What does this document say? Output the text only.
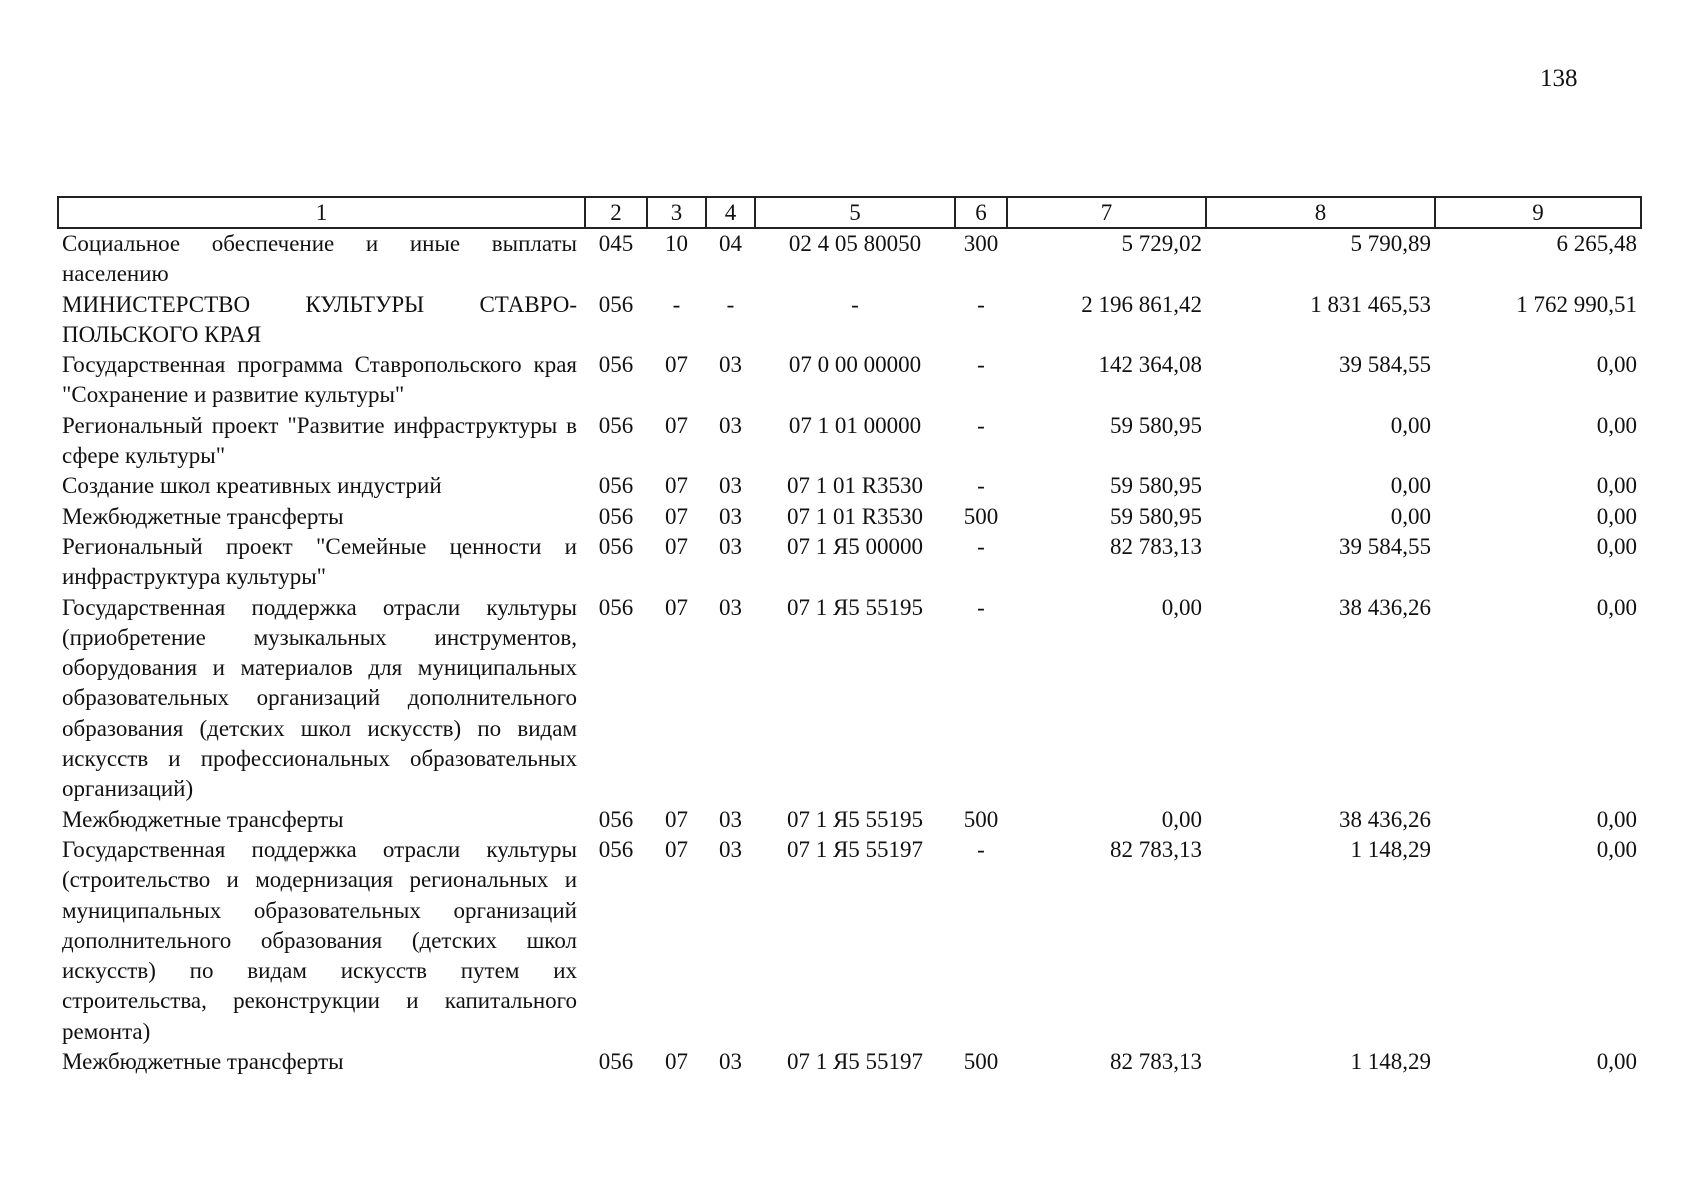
138
1	2	3	4	5	6	7	8	9
Социальное обеспечение и иные выплаты населению	045	10	04	02 4 05 80050	300	5 729,02	5 790,89	6 265,48
МИНИСТЕРСТВО КУЛЬТУРЫ СТАВРО-ПОЛЬСКОГО КРАЯ	056	-	-	-	-	2 196 861,42	1 831 465,53	1 762 990,51
Государственная программа Ставропольского края "Сохранение и развитие культуры"	056	07	03	07 0 00 00000	-	142 364,08	39 584,55	0,00
Региональный проект "Развитие инфраструктуры в сфере культуры"	056	07	03	07 1 01 00000	-	59 580,95	0,00	0,00
Создание школ креативных индустрий	056	07	03	07 1 01 R3530	-	59 580,95	0,00	0,00
Межбюджетные трансферты	056	07	03	07 1 01 R3530	500	59 580,95	0,00	0,00
Региональный проект "Семейные ценности и инфраструктура культуры"	056	07	03	07 1 Я5 00000	-	82 783,13	39 584,55	0,00
Государственная поддержка отрасли культуры (приобретение музыкальных инструментов, оборудования и материалов для муниципальных образовательных организаций дополнительного образования (детских школ искусств) по видам искусств и профессиональных образовательных организаций)	056	07	03	07 1 Я5 55195	-	0,00	38 436,26	0,00
Межбюджетные трансферты	056	07	03	07 1 Я5 55195	500	0,00	38 436,26	0,00
Государственная поддержка отрасли культуры (строительство и модернизация региональных и муниципальных образовательных организаций дополнительного образования (детских школ искусств) по видам искусств путем их строительства, реконструкции и капитального ремонта)	056	07	03	07 1 Я5 55197	-	82 783,13	1 148,29	0,00
Межбюджетные трансферты	056	07	03	07 1 Я5 55197	500	82 783,13	1 148,29	0,00
